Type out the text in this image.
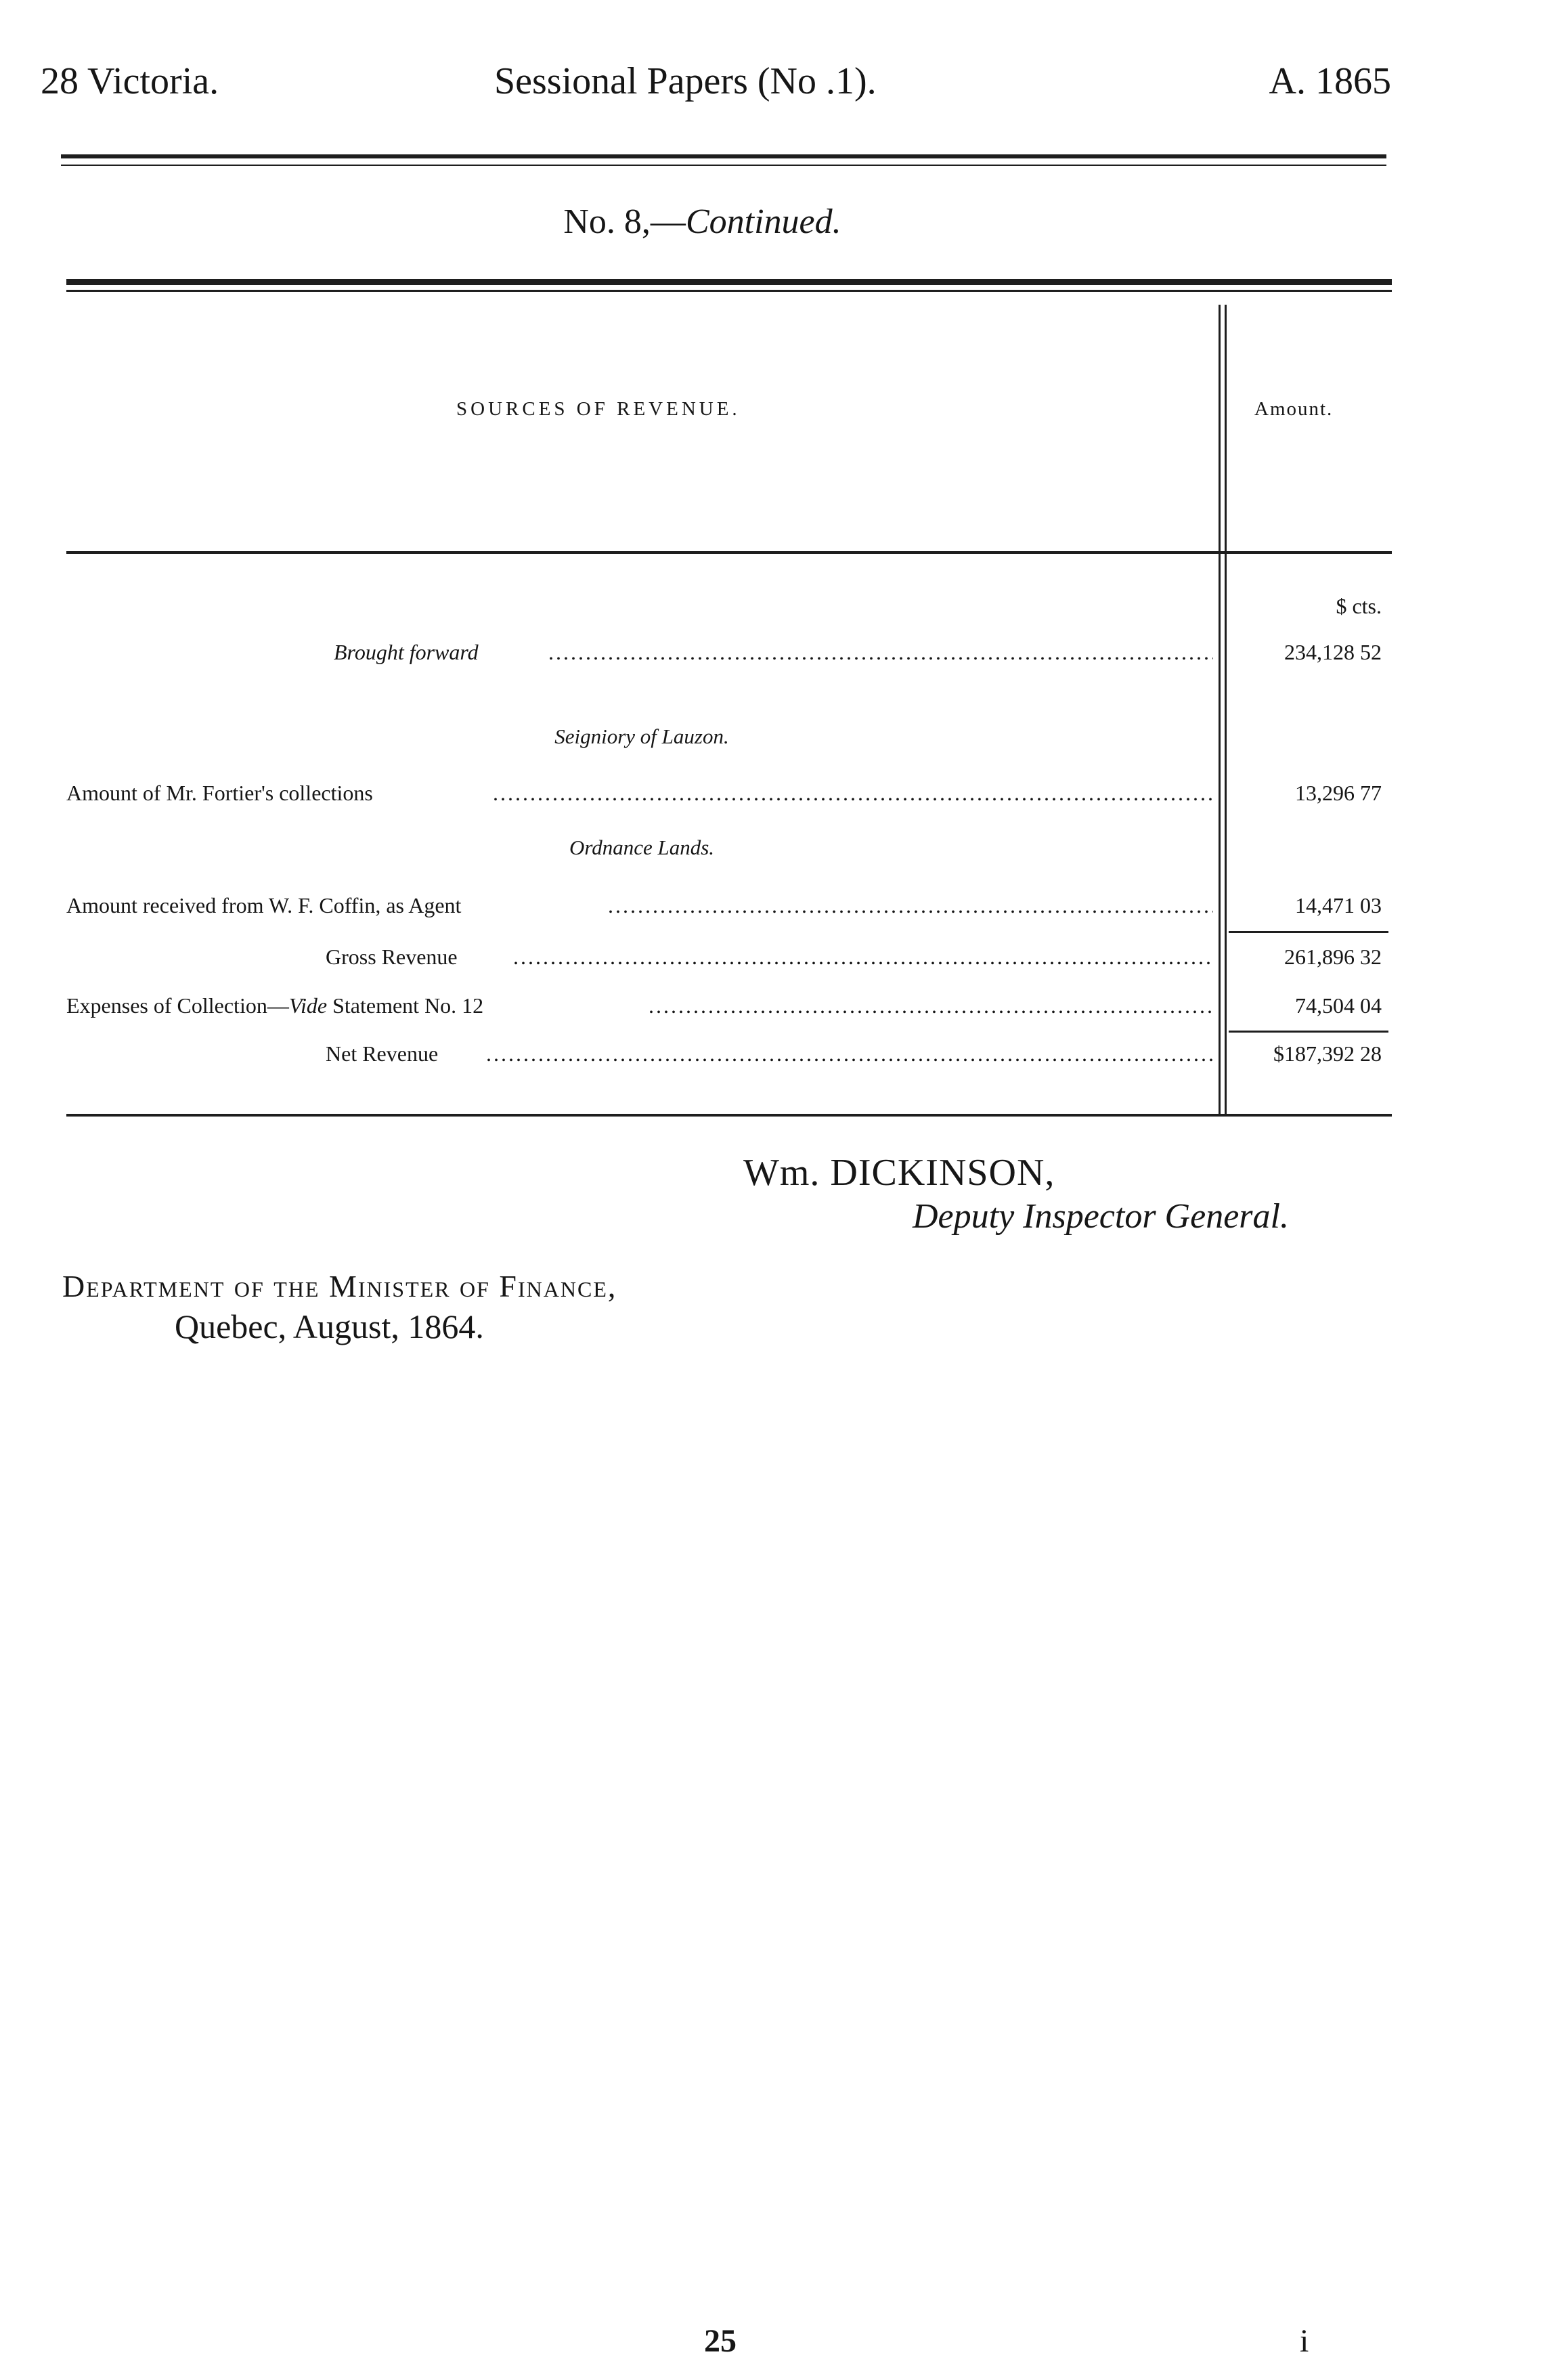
28 Victoria.	Sessional Papers (No .1).	A. 1865
No. 8,—Continued.
SOURCES OF REVENUE.	Amount.
$ cts.
Brought forward .....	234,128 52
Seigniory of Lauzon.
Amount of Mr. Fortier's collections .....	13,296 77
Ordnance Lands.
Amount received from W. F. Coffin, as Agent .....	14,471 03
Gross Revenue .....	261,896 32
Expenses of Collection—Vide Statement No. 12 .....	74,504 04
Net Revenue .....	$187,392 28
Wm. DICKINSON,
Deputy Inspector General.
Department of the Minister of Finance,
Quebec, August, 1864.
25	i
